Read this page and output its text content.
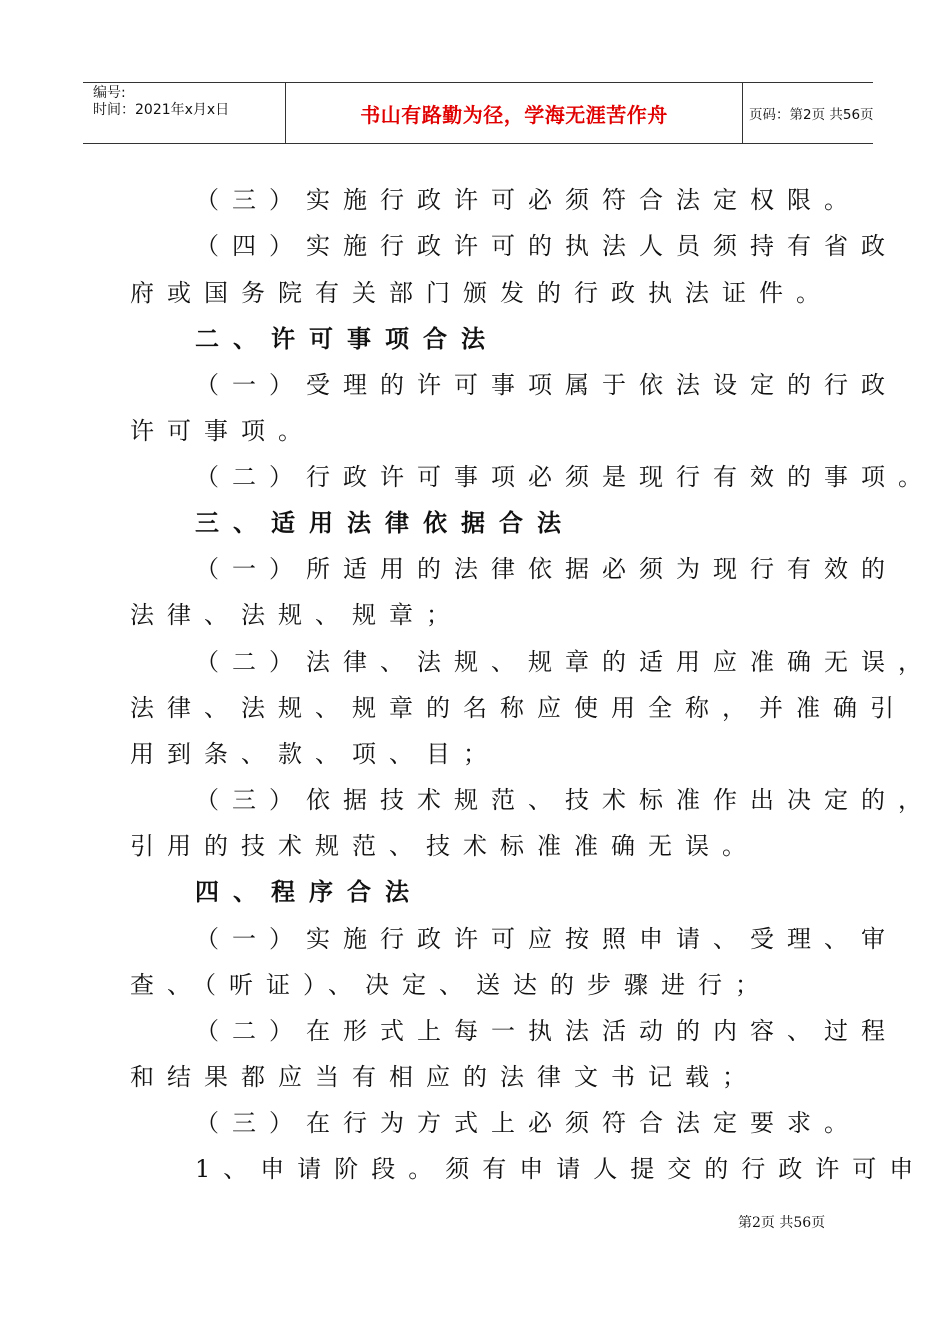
编号:
时间：2021年x月x日	书山有路勤为径，学海无涯苦作舟	页码：第2页 共56页
（三）实施行政许可必须符合法定权限。
（四）实施行政许可的执法人员须持有省政
府或国务院有关部门颁发的行政执法证件。
二、许可事项合法
（一）受理的许可事项属于依法设定的行政
许可事项。
（二）行政许可事项必须是现行有效的事项。
三、适用法律依据合法
（一）所适用的法律依据必须为现行有效的
法律、法规、规章；
（二）法律、法规、规章的适用应准确无误，
法律、法规、规章的名称应使用全称，并准确引
用到条、款、项、目；
（三）依据技术规范、技术标准作出决定的，
引用的技术规范、技术标准准确无误。
四、程序合法
（一）实施行政许可应按照申请、受理、审
查、（听证）、决定、送达的步骤进行；
（二）在形式上每一执法活动的内容、过程
和结果都应当有相应的法律文书记载；
（三）在行为方式上必须符合法定要求。
1、申请阶段。须有申请人提交的行政许可申
第2页 共56页
